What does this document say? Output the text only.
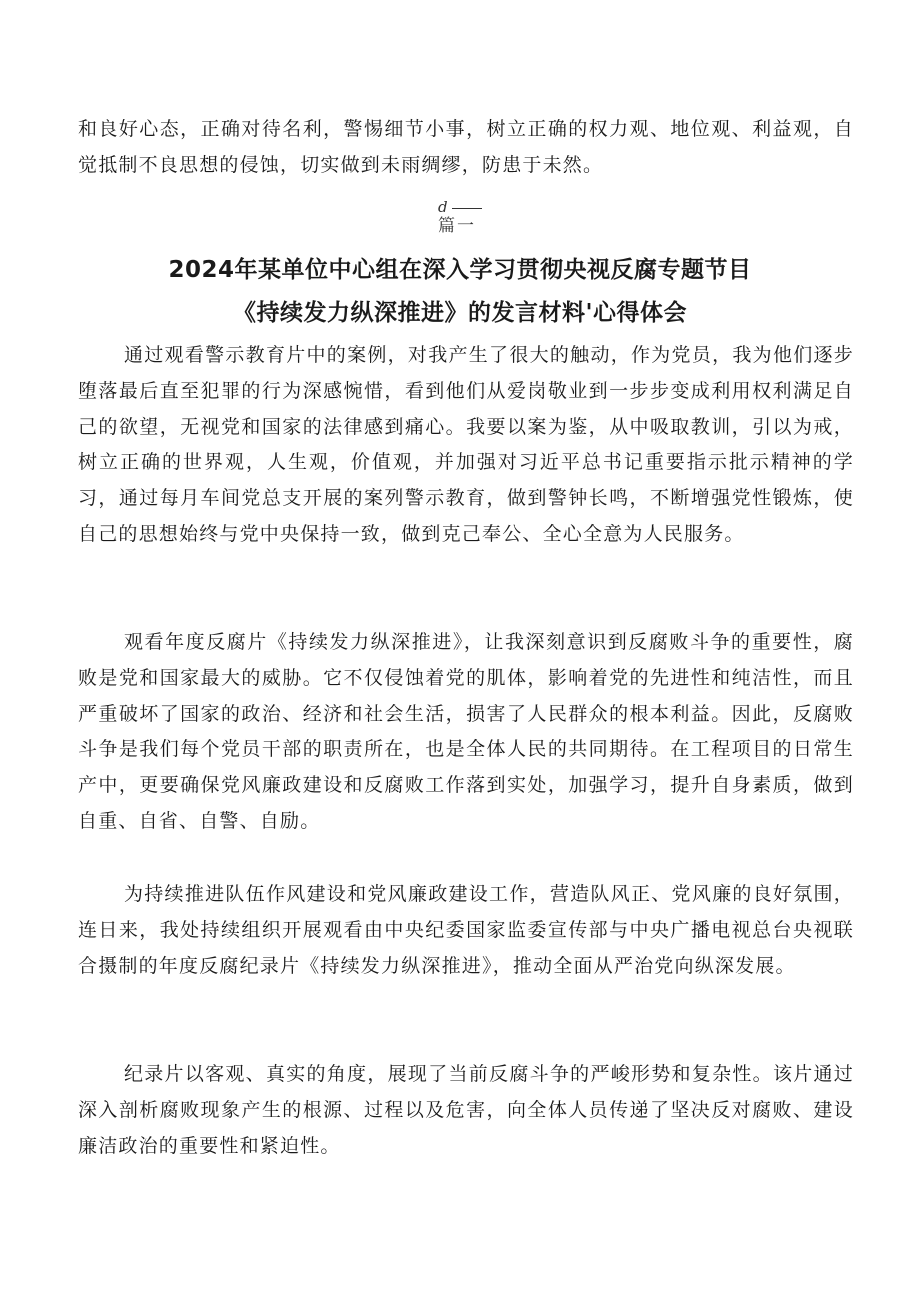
和良好心态，正确对待名利，警惕细节小事，树立正确的权力观、地位观、利益观，自觉抵制不良思想的侵蚀，切实做到未雨绸缪，防患于未然。

d
篇一
2024年某单位中心组在深入学习贯彻央视反腐专题节目
《持续发力纵深推进》的发言材料'心得体会

通过观看警示教育片中的案例，对我产生了很大的触动，作为党员，我为他们逐步堕落最后直至犯罪的行为深感惋惜，看到他们从爱岗敬业到一步步变成利用权利满足自己的欲望，无视党和国家的法律感到痛心。我要以案为鉴，从中吸取教训，引以为戒，树立正确的世界观，人生观，价值观，并加强对习近平总书记重要指示批示精神的学习，通过每月车间党总支开展的案列警示教育，做到警钟长鸣，不断增强党性锻炼，使自己的思想始终与党中央保持一致，做到克己奉公、全心全意为人民服务。

观看年度反腐片《持续发力纵深推进》，让我深刻意识到反腐败斗争的重要性，腐败是党和国家最大的威胁。它不仅侵蚀着党的肌体，影响着党的先进性和纯洁性，而且严重破坏了国家的政治、经济和社会生活，损害了人民群众的根本利益。因此，反腐败斗争是我们每个党员干部的职责所在，也是全体人民的共同期待。在工程项目的日常生产中，更要确保党风廉政建设和反腐败工作落到实处，加强学习，提升自身素质，做到自重、自省、自警、自励。

为持续推进队伍作风建设和党风廉政建设工作，营造队风正、党风廉的良好氛围，连日来，我处持续组织开展观看由中央纪委国家监委宣传部与中央广播电视总台央视联合摄制的年度反腐纪录片《持续发力纵深推进》，推动全面从严治党向纵深发展。

纪录片以客观、真实的角度，展现了当前反腐斗争的严峻形势和复杂性。该片通过深入剖析腐败现象产生的根源、过程以及危害，向全体人员传递了坚决反对腐败、建设廉洁政治的重要性和紧迫性。
